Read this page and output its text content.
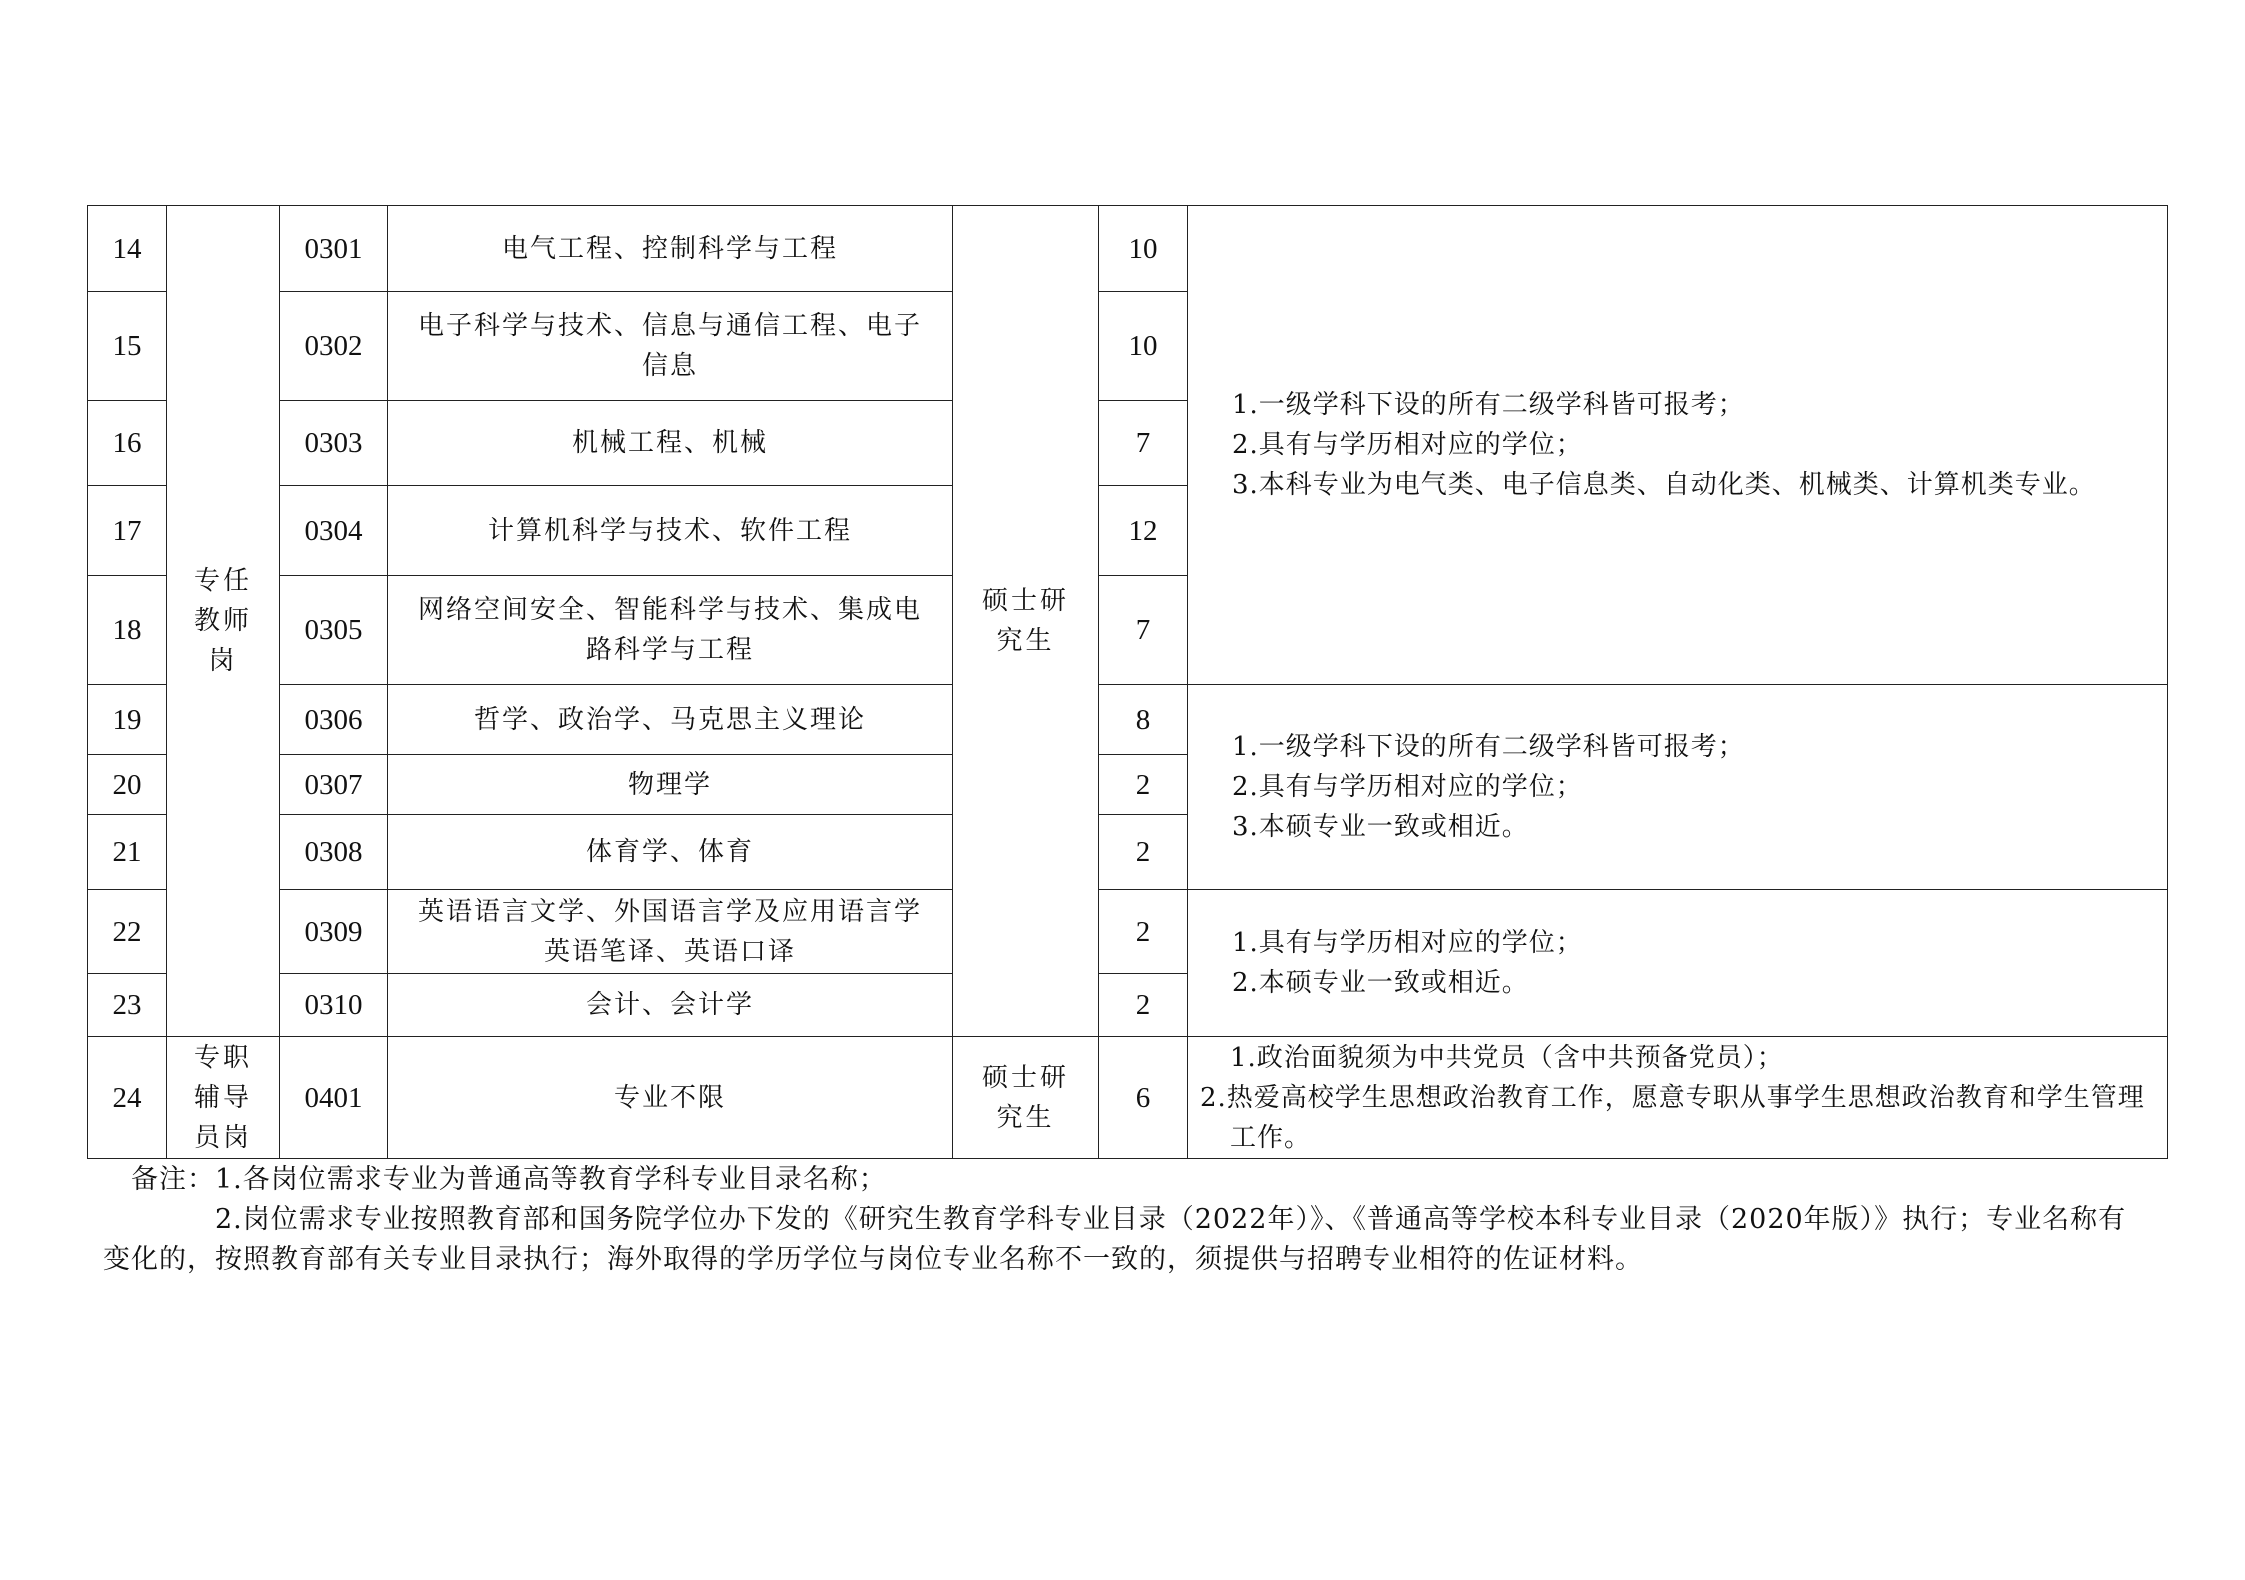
14	专任教师岗	0301	电气工程、控制科学与工程	硕士研究生	10	1.一级学科下设的所有二级学科皆可报考；
2.具有与学历相对应的学位；
3.本科专业为电气类、电子信息类、自动化类、机械类、计算机类专业。

15		0302	电子科学与技术、信息与通信工程、电子信息		10	
16		0303	机械工程、机械		7	
17		0304	计算机科学与技术、软件工程		12	
18		0305	网络空间安全、智能科学与技术、集成电路科学与工程		7	
19		0306	哲学、政治学、马克思主义理论		8	1.一级学科下设的所有二级学科皆可报考；
2.具有与学历相对应的学位；
3.本硕专业一致或相近。

20		0307	物理学		2	
21		0308	体育学、体育		2	
22		0309	英语语言文学、外国语言学及应用语言学英语笔译、英语口译		2	1.具有与学历相对应的学位；
2.本硕专业一致或相近。

23		0310	会计、会计学		2	
24	专职辅导员岗	0401	专业不限	硕士研究生	6	1.政治面貌须为中共党员（含中共预备党员）；
2.热爱高校学生思想政治教育工作，愿意专职从事学生思想政治教育和学生管理工作。
备注：1.各岗位需求专业为普通高等教育学科专业目录名称；
2.岗位需求专业按照教育部和国务院学位办下发的《研究生教育学科专业目录（2022年）》、《普通高等学校本科专业目录（2020年版）》执行；专业名称有变化的，按照教育部有关专业目录执行；海外取得的学历学位与岗位专业名称不一致的，须提供与招聘专业相符的佐证材料。
